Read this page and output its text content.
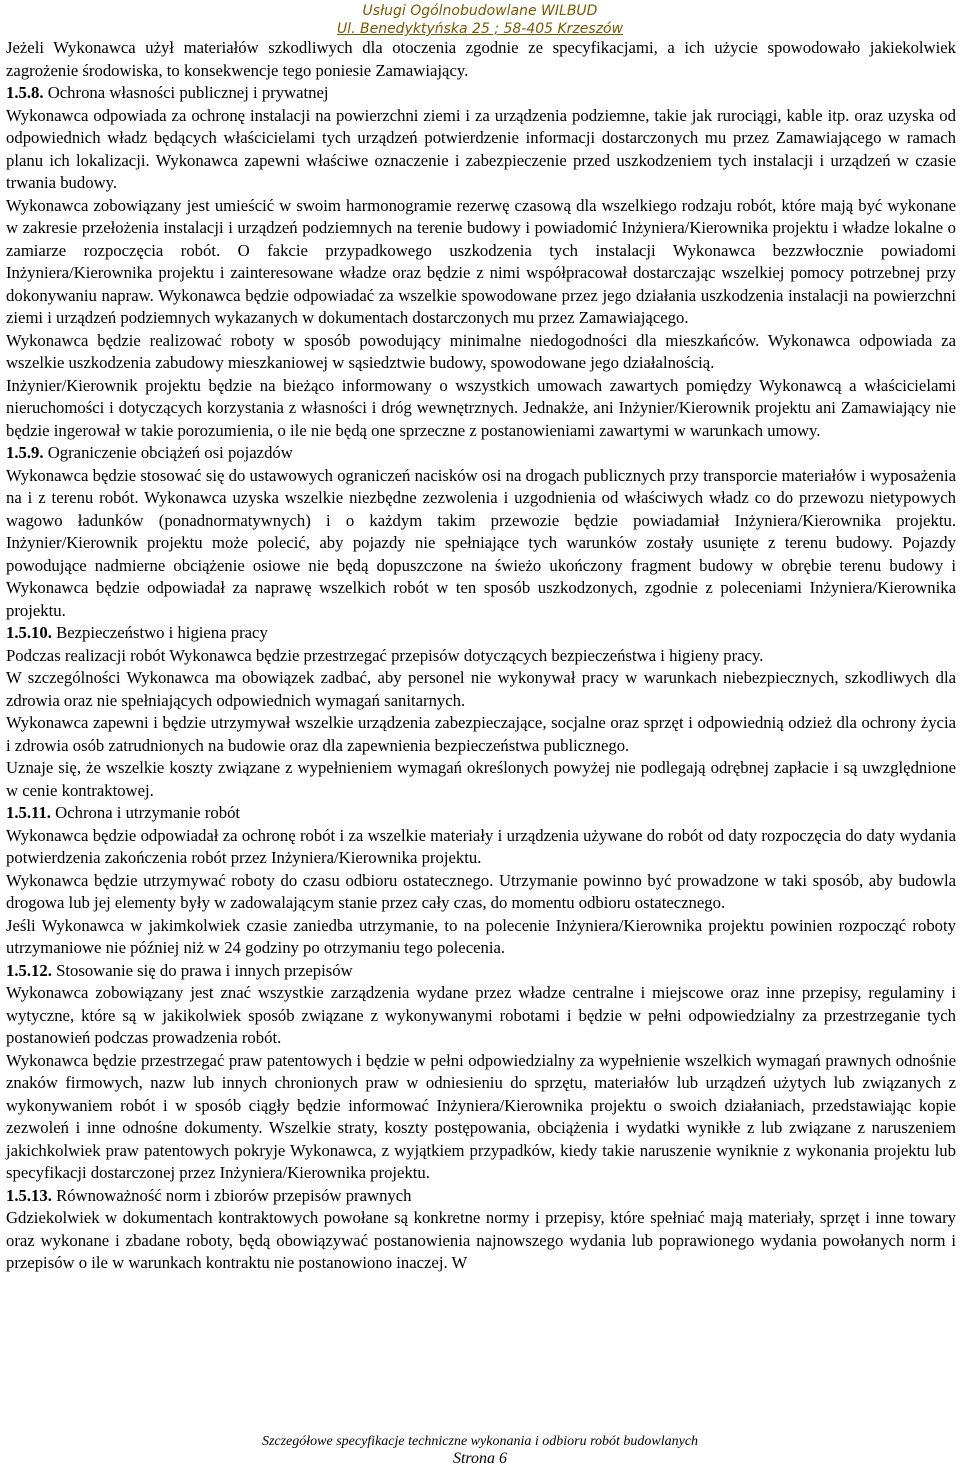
Usługi Ogólnobudowlane WILBUD
Ul. Benedyktyńska 25 ; 58-405 Krzeszów

Jeżeli Wykonawca użył materiałów szkodliwych dla otoczenia zgodnie ze specyfikacjami, a ich użycie spowodowało jakiekolwiek zagrożenie środowiska, to konsekwencje tego poniesie Zamawiający.

1.5.8. Ochrona własności publicznej i prywatnej

Wykonawca odpowiada za ochronę instalacji na powierzchni ziemi i za urządzenia podziemne, takie jak rurociągi, kable itp. oraz uzyska od odpowiednich władz będących właścicielami tych urządzeń potwierdzenie informacji dostarczonych mu przez Zamawiającego w ramach planu ich lokalizacji. Wykonawca zapewni właściwe oznaczenie i zabezpieczenie przed uszkodzeniem tych instalacji i urządzeń w czasie trwania budowy.

Wykonawca zobowiązany jest umieścić w swoim harmonogramie rezerwę czasową dla wszelkiego rodzaju robót, które mają być wykonane w zakresie przełożenia instalacji i urządzeń podziemnych na terenie budowy i powiadomić Inżyniera/Kierownika projektu i władze lokalne o zamiarze rozpoczęcia robót. O fakcie przypadkowego uszkodzenia tych instalacji Wykonawca bezzwłocznie powiadomi Inżyniera/Kierownika projektu i zainteresowane władze oraz będzie z nimi współpracował dostarczając wszelkiej pomocy potrzebnej przy dokonywaniu napraw. Wykonawca będzie odpowiadać za wszelkie spowodowane przez jego działania uszkodzenia instalacji na powierzchni ziemi i urządzeń podziemnych wykazanych w dokumentach dostarczonych mu przez Zamawiającego.

Wykonawca będzie realizować roboty w sposób powodujący minimalne niedogodności dla mieszkańców. Wykonawca odpowiada za wszelkie uszkodzenia zabudowy mieszkaniowej w sąsiedztwie budowy, spowodowane jego działalnością.

Inżynier/Kierownik projektu będzie na bieżąco informowany o wszystkich umowach zawartych pomiędzy Wykonawcą a właścicielami nieruchomości i dotyczących korzystania z własności i dróg wewnętrznych. Jednakże, ani Inżynier/Kierownik projektu ani Zamawiający nie będzie ingerował w takie porozumienia, o ile nie będą one sprzeczne z postanowieniami zawartymi w warunkach umowy.

1.5.9. Ograniczenie obciążeń osi pojazdów

Wykonawca będzie stosować się do ustawowych ograniczeń nacisków osi na drogach publicznych przy transporcie materiałów i wyposażenia na i z terenu robót. Wykonawca uzyska wszelkie niezbędne zezwolenia i uzgodnienia od właściwych władz co do przewozu nietypowych wagowo ładunków (ponadnormatywnych) i o każdym takim przewozie będzie powiadamiał Inżyniera/Kierownika projektu. Inżynier/Kierownik projektu może polecić, aby pojazdy nie spełniające tych warunków zostały usunięte z terenu budowy. Pojazdy powodujące nadmierne obciążenie osiowe nie będą dopuszczone na świeżo ukończony fragment budowy w obrębie terenu budowy i Wykonawca będzie odpowiadał za naprawę wszelkich robót w ten sposób uszkodzonych, zgodnie z poleceniami Inżyniera/Kierownika projektu.

1.5.10. Bezpieczeństwo i higiena pracy

Podczas realizacji robót Wykonawca będzie przestrzegać przepisów dotyczących bezpieczeństwa i higieny pracy.

W szczególności Wykonawca ma obowiązek zadbać, aby personel nie wykonywał pracy w warunkach niebezpiecznych, szkodliwych dla zdrowia oraz nie spełniających odpowiednich wymagań sanitarnych.

Wykonawca zapewni i będzie utrzymywał wszelkie urządzenia zabezpieczające, socjalne oraz sprzęt i odpowiednią odzież dla ochrony życia i zdrowia osób zatrudnionych na budowie oraz dla zapewnienia bezpieczeństwa publicznego.

Uznaje się, że wszelkie koszty związane z wypełnieniem wymagań określonych powyżej nie podlegają odrębnej zapłacie i są uwzględnione w cenie kontraktowej.

1.5.11. Ochrona i utrzymanie robót

Wykonawca będzie odpowiadał za ochronę robót i za wszelkie materiały i urządzenia używane do robót od daty rozpoczęcia do daty wydania potwierdzenia zakończenia robót przez Inżyniera/Kierownika projektu.

Wykonawca będzie utrzymywać roboty do czasu odbioru ostatecznego. Utrzymanie powinno być prowadzone w taki sposób, aby budowla drogowa lub jej elementy były w zadowalającym stanie przez cały czas, do momentu odbioru ostatecznego.

Jeśli Wykonawca w jakimkolwiek czasie zaniedba utrzymanie, to na polecenie Inżyniera/Kierownika projektu powinien rozpocząć roboty utrzymaniowe nie później niż w 24 godziny po otrzymaniu tego polecenia.

1.5.12. Stosowanie się do prawa i innych przepisów

Wykonawca zobowiązany jest znać wszystkie zarządzenia wydane przez władze centralne i miejscowe oraz inne przepisy, regulaminy i wytyczne, które są w jakikolwiek sposób związane z wykonywanymi robotami i będzie w pełni odpowiedzialny za przestrzeganie tych postanowień podczas prowadzenia robót.

Wykonawca będzie przestrzegać praw patentowych i będzie w pełni odpowiedzialny za wypełnienie wszelkich wymagań prawnych odnośnie znaków firmowych, nazw lub innych chronionych praw w odniesieniu do sprzętu, materiałów lub urządzeń użytych lub związanych z wykonywaniem robót i w sposób ciągły będzie informować Inżyniera/Kierownika projektu o swoich działaniach, przedstawiając kopie zezwoleń i inne odnośne dokumenty. Wszelkie straty, koszty postępowania, obciążenia i wydatki wynikłe z lub związane z naruszeniem jakichkolwiek praw patentowych pokryje Wykonawca, z wyjątkiem przypadków, kiedy takie naruszenie wyniknie z wykonania projektu lub specyfikacji dostarczonej przez Inżyniera/Kierownika projektu.

1.5.13. Równoważność norm i zbiorów przepisów prawnych

Gdziekolwiek w dokumentach kontraktowych powołane są konkretne normy i przepisy, które spełniać mają materiały, sprzęt i inne towary oraz wykonane i zbadane roboty, będą obowiązywać postanowienia najnowszego wydania lub poprawionego wydania powołanych norm i przepisów o ile w warunkach kontraktu nie postanowiono inaczej. W

Szczegółowe specyfikacje techniczne wykonania i odbioru robót budowlanych
Strona 6
